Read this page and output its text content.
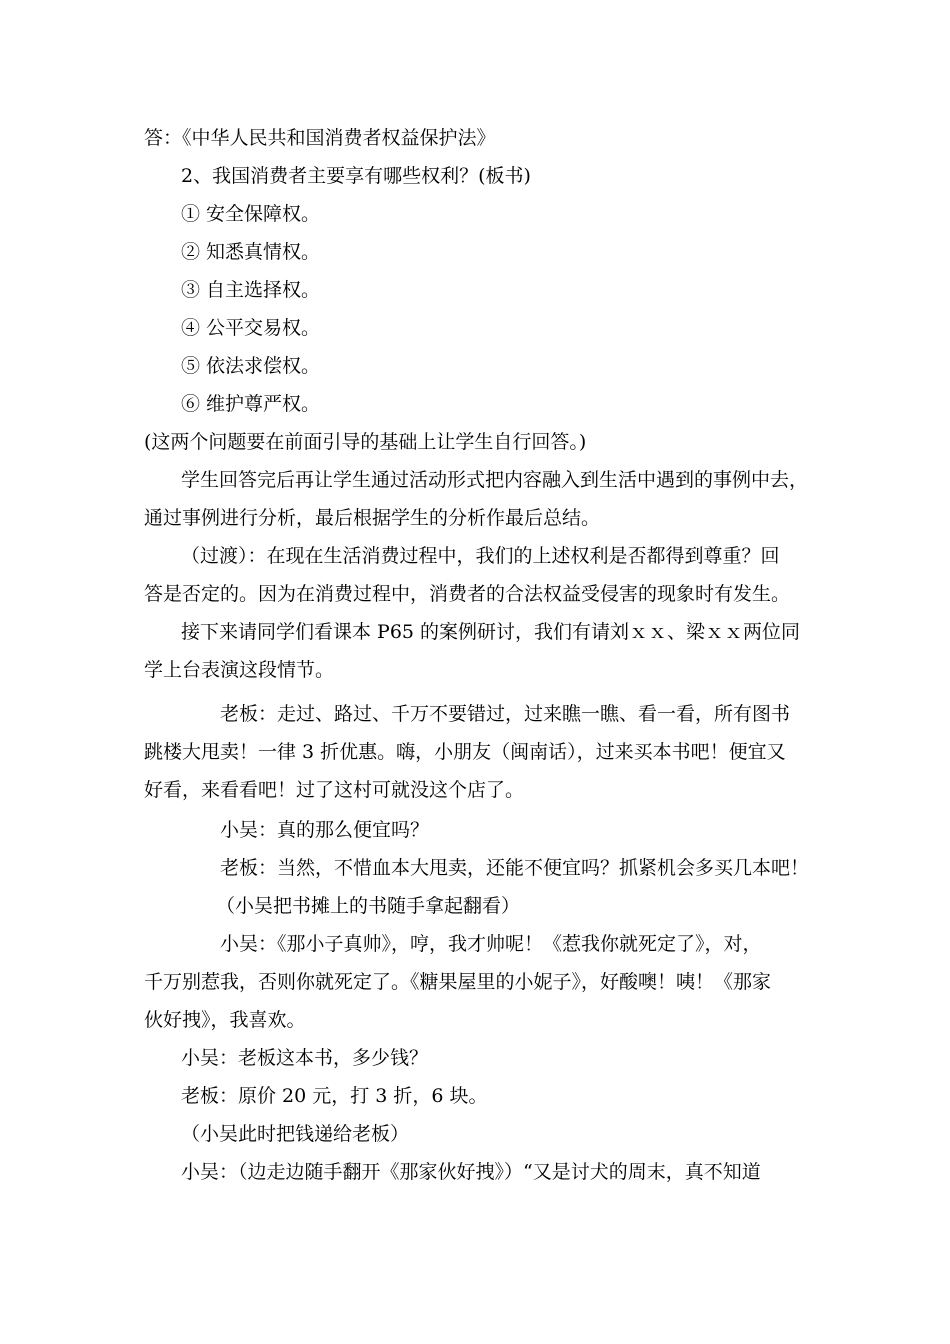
答：《中华人民共和国消费者权益保护法》
2、我国消费者主要享有哪些权利？(板书)
① 安全保障权。
② 知悉真情权。
③ 自主选择权。
④ 公平交易权。
⑤ 依法求偿权。
⑥ 维护尊严权。
(这两个问题要在前面引导的基础上让学生自行回答。)
学生回答完后再让学生通过活动形式把内容融入到生活中遇到的事例中去，
通过事例进行分析，最后根据学生的分析作最后总结。
（过渡）：在现在生活消费过程中，我们的上述权利是否都得到尊重？回
答是否定的。因为在消费过程中，消费者的合法权益受侵害的现象时有发生。
接下来请同学们看课本 P65 的案例研讨，我们有请刘ｘｘ、梁ｘｘ两位同
学上台表演这段情节。
老板：走过、路过、千万不要错过，过来瞧一瞧、看一看，所有图书
跳楼大甩卖！一律 3 折优惠。嗨，小朋友（闽南话），过来买本书吧！便宜又
好看，来看看吧！过了这村可就没这个店了。
小吴：真的那么便宜吗？
老板：当然，不惜血本大甩卖，还能不便宜吗？抓紧机会多买几本吧！
（小吴把书摊上的书随手拿起翻看）
小吴：《那小子真帅》，哼，我才帅呢！《惹我你就死定了》，对，
千万别惹我，否则你就死定了。《糖果屋里的小妮子》，好酸噢！咦！《那家
伙好拽》，我喜欢。
小吴：老板这本书，多少钱？
老板：原价 20 元，打 3 折，6 块。
（小吴此时把钱递给老板）
小吴：（边走边随手翻开《那家伙好拽》）“又是讨犬的周末，真不知道
